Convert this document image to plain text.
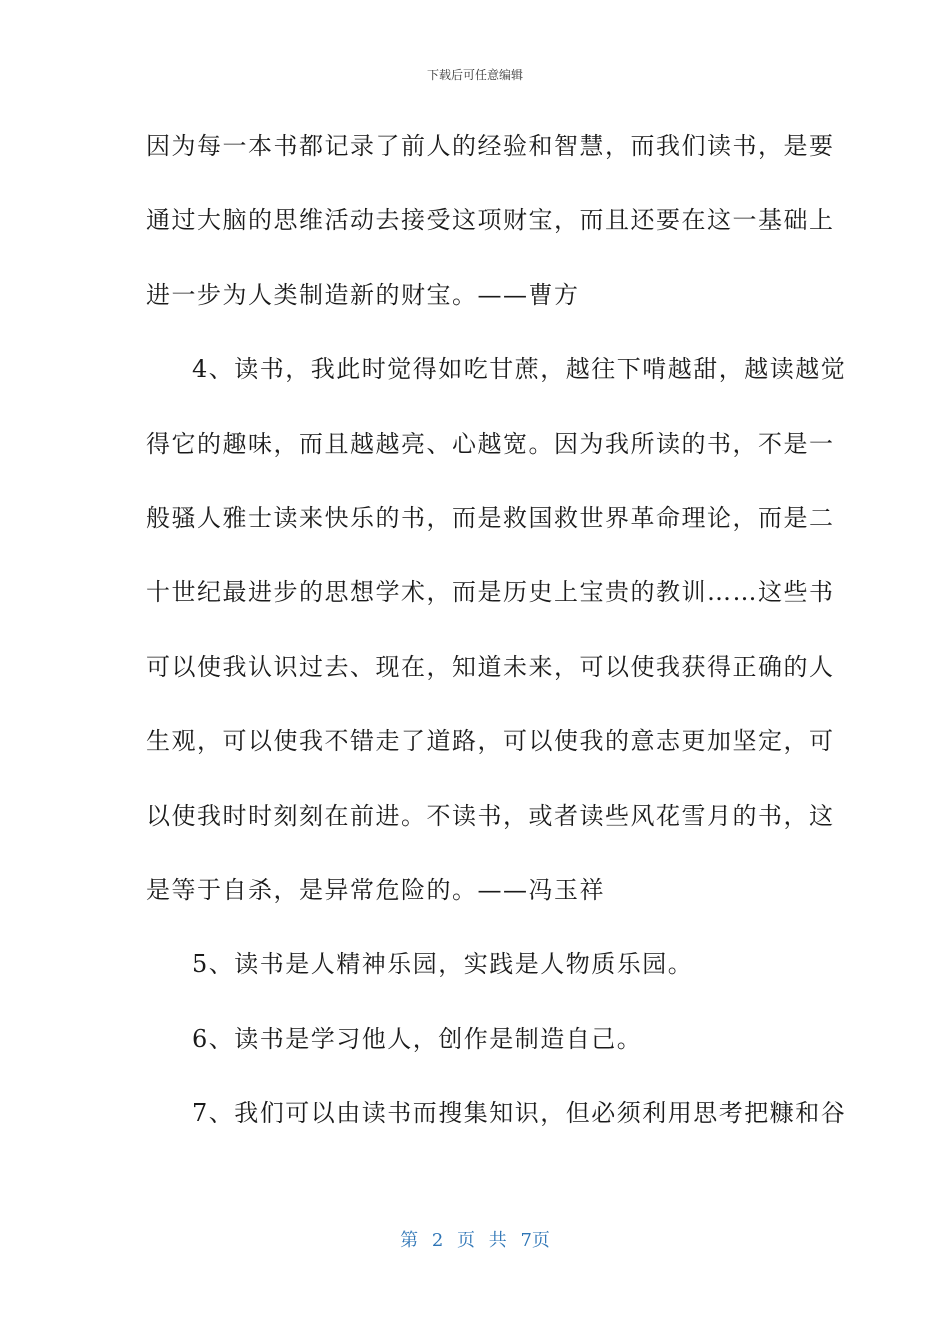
下载后可任意编辑
因为每一本书都记录了前人的经验和智慧，而我们读书，是要
通过大脑的思维活动去接受这项财宝，而且还要在这一基础上
进一步为人类制造新的财宝。——曹方
4、读书，我此时觉得如吃甘蔗，越往下啃越甜，越读越觉
得它的趣味，而且越越亮、心越宽。因为我所读的书，不是一
般骚人雅士读来快乐的书，而是救国救世界革命理论，而是二
十世纪最进步的思想学术，而是历史上宝贵的教训……这些书
可以使我认识过去、现在，知道未来，可以使我获得正确的人
生观，可以使我不错走了道路，可以使我的意志更加坚定，可
以使我时时刻刻在前进。不读书，或者读些风花雪月的书，这
是等于自杀，是异常危险的。——冯玉祥
5、读书是人精神乐园，实践是人物质乐园。
6、读书是学习他人，创作是制造自己。
7、我们可以由读书而搜集知识，但必须利用思考把糠和谷
第 2 页 共 7页
